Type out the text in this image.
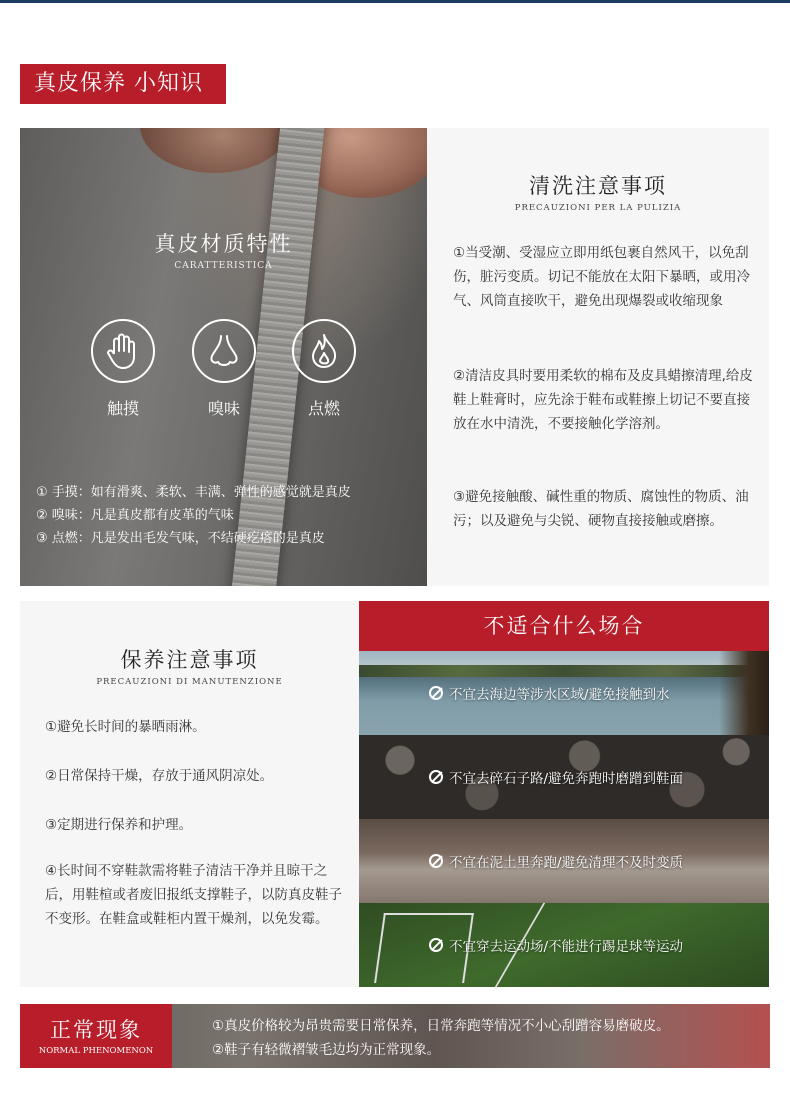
真皮保养 小知识
真皮材质特性
CARATTERISTICA
触摸	嗅味	点燃
① 手摸：如有滑爽、柔软、丰满、弹性的感觉就是真皮
② 嗅味：凡是真皮都有皮革的气味
③ 点燃：凡是发出毛发气味，不结硬疙瘩的是真皮
清洗注意事项
PRECAUZIONI PER LA PULIZIA
①当受潮、受湿应立即用纸包裹自然风干，以免刮伤，脏污变质。切记不能放在太阳下暴晒，或用冷气、风筒直接吹干，避免出现爆裂或收缩现象
②清洁皮具时要用柔软的棉布及皮具蜡擦清理,给皮鞋上鞋膏时，应先涂于鞋布或鞋擦上切记不要直接放在水中清洗，不要接触化学溶剂。
③避免接触酸、碱性重的物质、腐蚀性的物质、油污；以及避免与尖锐、硬物直接接触或磨擦。
保养注意事项
PRECAUZIONI DI MANUTENZIONE
①避免长时间的暴晒雨淋。
②日常保持干燥，存放于通风阴凉处。
③定期进行保养和护理。
④长时间不穿鞋款需将鞋子清洁干净并且晾干之后，用鞋楦或者废旧报纸支撑鞋子，以防真皮鞋子不变形。在鞋盒或鞋柜内置干燥剂，以免发霉。
不适合什么场合
不宜去海边等涉水区域/避免接触到水
不宜去碎石子路/避免奔跑时磨蹭到鞋面
不宜在泥土里奔跑/避免清理不及时变质
不宜穿去运动场/不能进行踢足球等运动
正常现象
NORMAL PHENOMENON
①真皮价格较为昂贵需要日常保养，日常奔跑等情况不小心刮蹭容易磨破皮。
②鞋子有轻微褶皱毛边均为正常现象。
